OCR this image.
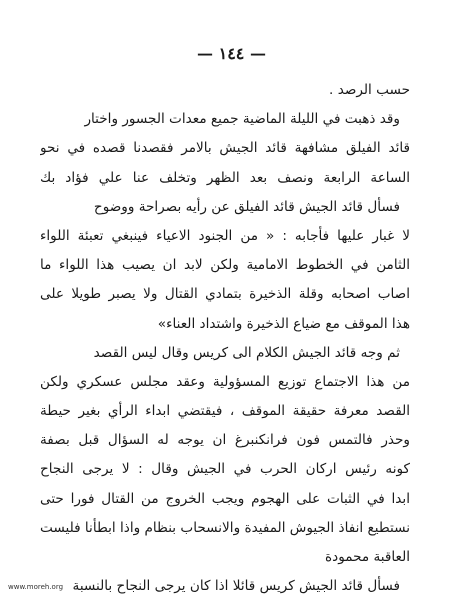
— ١٤٤ —
حسب الرصد .
وقد ذهبت في الليلة الماضية جميع معدات الجسور واختار
قائد الفيلق مشافهة قائد الجيش بالامر فقصدنا قصده في نحو
الساعة الرابعة ونصف بعد الظهر وتخلف عنا علي فؤاد بك
فسأل قائد الجيش قائد الفيلق عن رأيه بصراحة ووضوح
لا غبار عليها فأجابه : « من الجنود الاعياء فينبغي تعبئة اللواء
الثامن في الخطوط الامامية ولكن لابد ان يصيب هذا اللواء ما
اصاب اصحابه وقلة الذخيرة بتمادي القتال ولا يصبر طويلا على
هذا الموقف مع ضياع الذخيرة واشتداد العناء»
ثم وجه قائد الجيش الكلام الى كريس وقال ليس القصد
من هذا الاجتماع توزيع المسؤولية وعقد مجلس عسكري ولكن
القصد معرفة حقيقة الموقف ، فيقتضي ابداء الرأي بغير حيطة
وحذر فالتمس فون فرانكنبرغ ان يوجه له السؤال قبل بصفة
كونه رئيس اركان الحرب في الجيش وقال : لا يرجى النجاح
ابدا في الثبات على الهجوم ويجب الخروج من القتال فورا حتى
نستطيع انفاذ الجيوش المفيدة والانسحاب بنظام واذا ابطأنا فليست
العاقبة محمودة
فسأل قائد الجيش كريس قائلا اذا كان يرجى النجاح بالنسبة
www.moreh.org
